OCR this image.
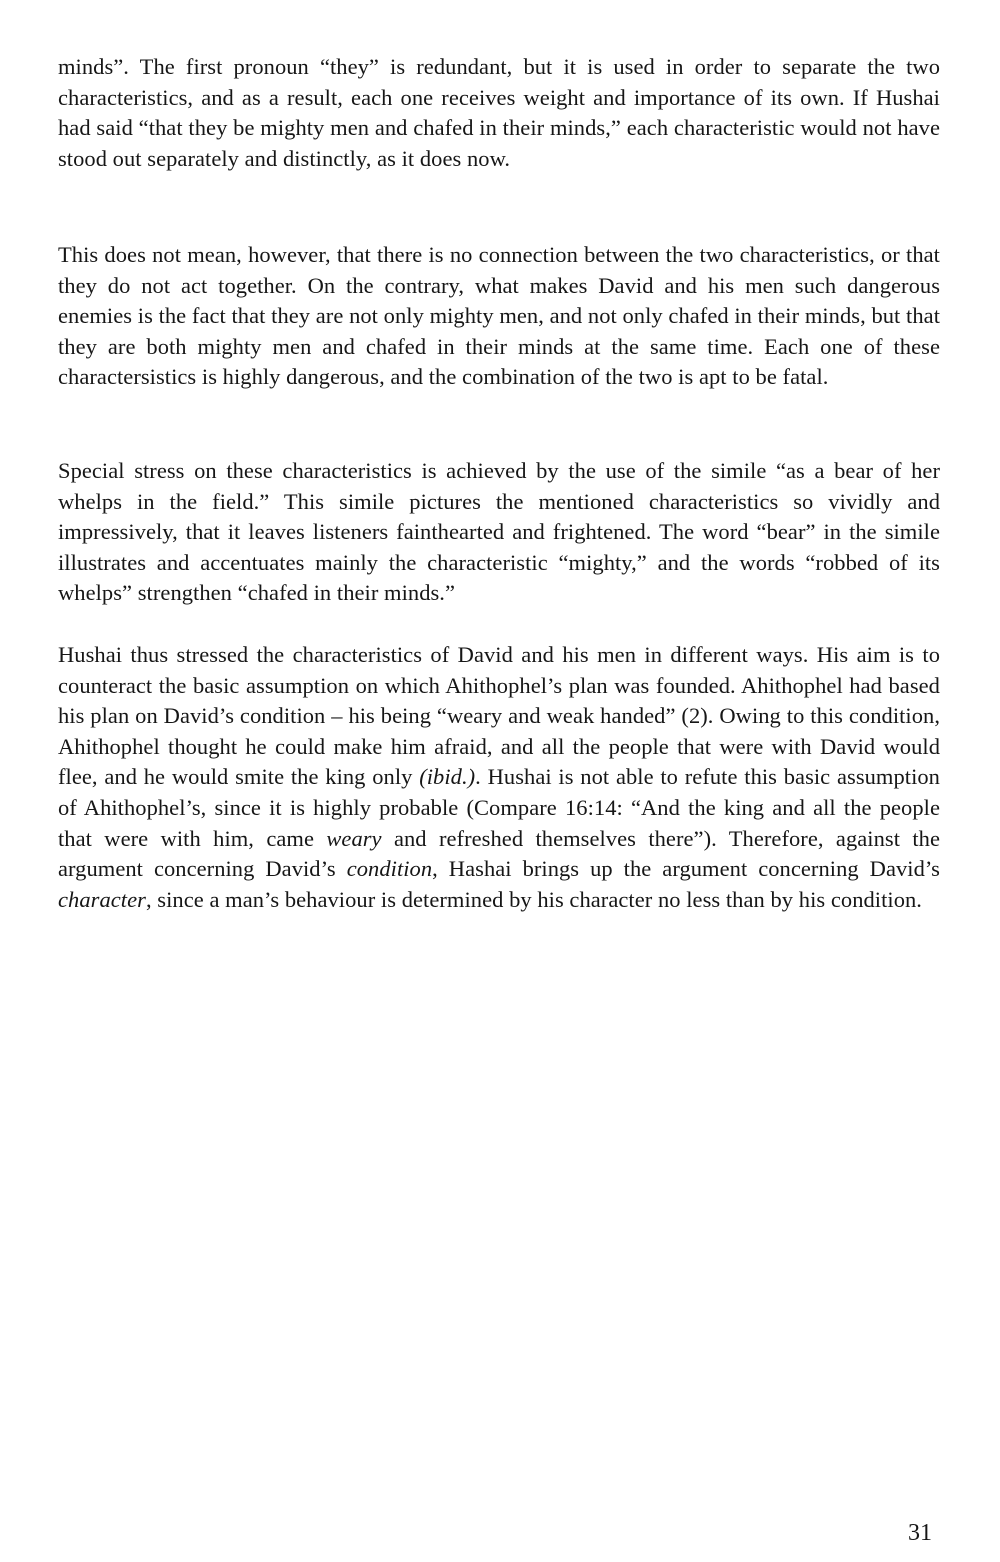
minds”. The first pronoun “they” is redundant, but it is used in order to separate the two characteristics, and as a result, each one receives weight and importance of its own. If Hushai had said “that they be mighty men and chafed in their minds,” each characteristic would not have stood out separately and distinctly, as it does now.

This does not mean, however, that there is no connection between the two characteristics, or that they do not act together. On the contrary, what makes David and his men such dangerous enemies is the fact that they are not only mighty men, and not only chafed in their minds, but that they are both mighty men and chafed in their minds at the same time. Each one of these charactersistics is highly dangerous, and the combination of the two is apt to be fatal.

Special stress on these characteristics is achieved by the use of the simile “as a bear of her whelps in the field.” This simile pictures the mentioned characteristics so vividly and impressively, that it leaves listeners fainthearted and frightened. The word “bear” in the simile illustrates and accentuates mainly the characteristic “mighty,” and the words “robbed of its whelps” strengthen “chafed in their minds.”

Hushai thus stressed the characteristics of David and his men in different ways. His aim is to counteract the basic assumption on which Ahithophel’s plan was founded. Ahithophel had based his plan on David’s condition – his being “weary and weak handed” (2). Owing to this condition, Ahithophel thought he could make him afraid, and all the people that were with David would flee, and he would smite the king only (ibid.). Hushai is not able to refute this basic assumption of Ahithophel’s, since it is highly probable (Compare 16:14: “And the king and all the people that were with him, came weary and refreshed themselves there”). Therefore, against the argument concerning David’s condition, Hashai brings up the argument concerning David’s character, since a man’s behaviour is determined by his character no less than by his condition.

31
